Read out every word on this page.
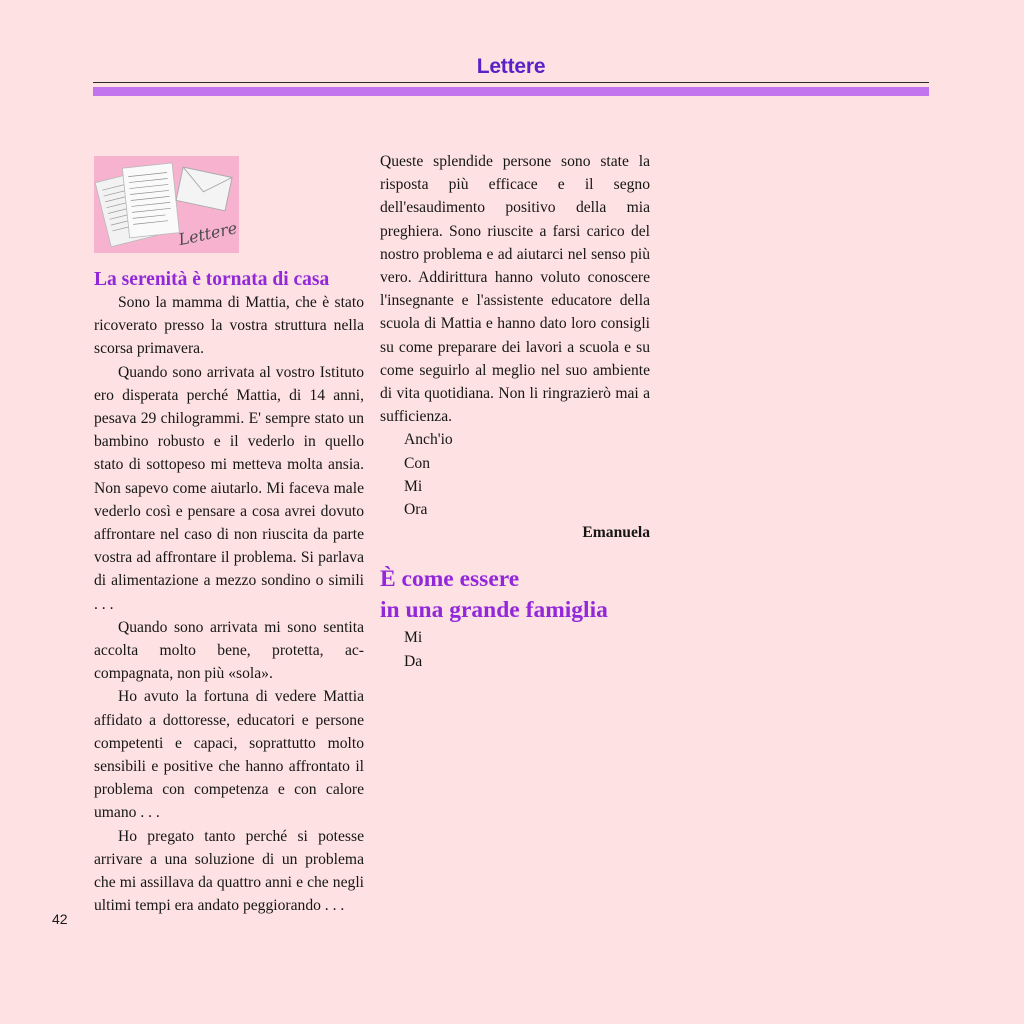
Lettere
Lettere
La serenità è tornata di casa

Sono la mamma di Mattia, che è stato ricoverato presso la vostra struttura nella scorsa primavera.

Quando sono arrivata al vostro Istituto ero disperata perché Mattia, di 14 anni, pesava 29 chilogrammi. E' sempre stato un bambino robusto e il vederlo in quello stato di sottopeso mi metteva molta ansia. Non sapevo come aiutarlo. Mi faceva male vederlo così e pensare a cosa avrei dovuto affrontare nel caso di non riuscita da parte vostra ad affrontare il problema. Si parlava di alimentazione a mezzo sondino o simili . . .

Quando sono arrivata mi sono sentita accolta molto bene, protetta, accompagnata, non più «sola».

Ho avuto la fortuna di vedere Mattia affidato a dottoresse, educatori e persone competenti e capaci, soprattutto molto sensibili e positive che hanno affrontato il problema con competenza e con calore umano . . .

Ho pregato tanto perché si potesse arrivare a una soluzione di un problema che mi assillava da quattro anni e che negli ultimi tempi era andato peggiorando . . .

Queste splendide persone sono state la risposta più efficace e il segno dell'esaudimento positivo della mia preghiera. Sono riuscite a farsi carico del nostro problema e ad aiutarci nel senso più vero. Addirittura hanno voluto conoscere l'insegnante e l'assistente educatore della scuola di Mattia e hanno dato loro consigli su come preparare dei lavori a scuola e su come seguirlo al meglio nel suo ambiente di vita quotidiana. Non li ringrazierò mai a sufficienza.

Anch'io

Con

Mi

Ora

Emanuela

È come essere
in una grande famiglia

Mi

Da

42
